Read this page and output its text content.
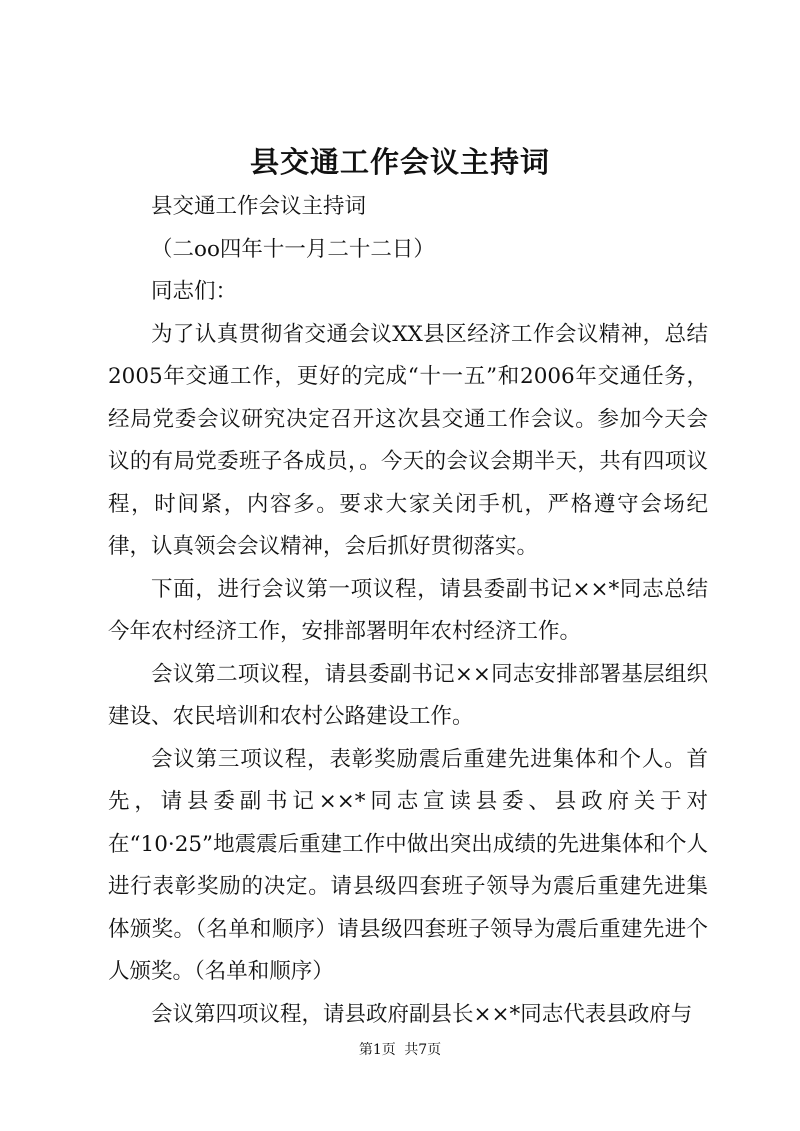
县交通工作会议主持词

县交通工作会议主持词

（二oo四年十一月二十二日）

同志们：

为了认真贯彻省交通会议XX县区经济工作会议精神，总结2005年交通工作，更好的完成“十一五”和2006年交通任务，经局党委会议研究决定召开这次县交通工作会议。参加今天会议的有局党委班子各成员，。今天的会议会期半天，共有四项议程，时间紧，内容多。要求大家关闭手机，严格遵守会场纪律，认真领会会议精神，会后抓好贯彻落实。

下面，进行会议第一项议程，请县委副书记××*同志总结今年农村经济工作，安排部署明年农村经济工作。

会议第二项议程，请县委副书记××同志安排部署基层组织建设、农民培训和农村公路建设工作。

会议第三项议程，表彰奖励震后重建先进集体和个人。首先，请县委副书记××*同志宣读县委、县政府关于对在“10·25”地震震后重建工作中做出突出成绩的先进集体和个人进行表彰奖励的决定。请县级四套班子领导为震后重建先进集体颁奖。（名单和顺序）请县级四套班子领导为震后重建先进个人颁奖。（名单和顺序）

会议第四项议程，请县政府副县长××*同志代表县政府与

第1页 共7页
